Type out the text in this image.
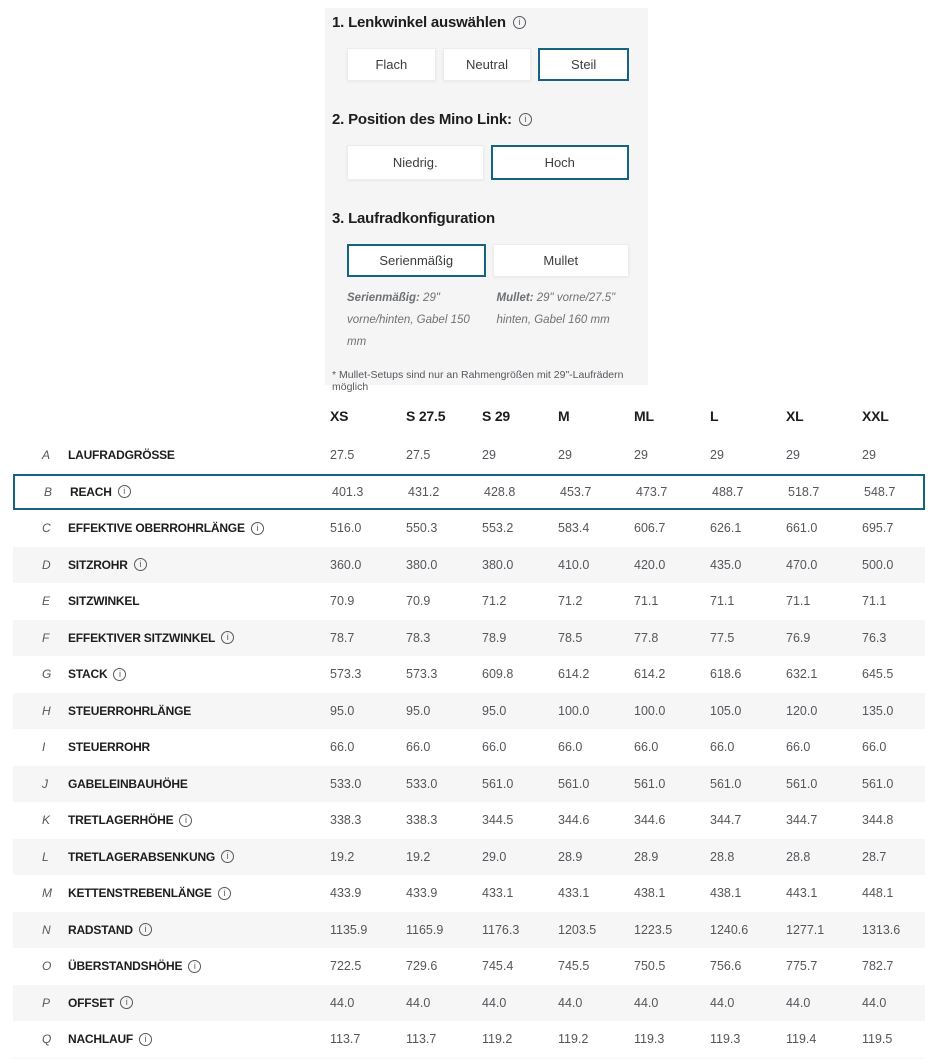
1. Lenkwinkel auswählen	i
Flach	Neutral	Steil
2. Position des Mino Link:	i
Niedrig.	Hoch
3. Laufradkonfiguration
Serienmäßig	Mullet
Serienmäßig: 29" vorne/hinten, Gabel 150 mm
Mullet: 29" vorne/27.5" hinten, Gabel 160 mm
* Mullet-Setups sind nur an Rahmengrößen mit 29"-Laufrädern möglich
XS	S 27.5	S 29	M	ML	L	XL	XXL
A	LAUFRADGRÖSSE	27.5	27.5	29	29	29	29	29	29
B	REACH	i	401.3	431.2	428.8	453.7	473.7	488.7	518.7	548.7
C	EFFEKTIVE OBERROHRLÄNGE	i	516.0	550.3	553.2	583.4	606.7	626.1	661.0	695.7
D	SITZROHR	i	360.0	380.0	380.0	410.0	420.0	435.0	470.0	500.0
E	SITZWINKEL	70.9	70.9	71.2	71.2	71.1	71.1	71.1	71.1
F	EFFEKTIVER SITZWINKEL	i	78.7	78.3	78.9	78.5	77.8	77.5	76.9	76.3
G	STACK	i	573.3	573.3	609.8	614.2	614.2	618.6	632.1	645.5
H	STEUERROHRLÄNGE	95.0	95.0	95.0	100.0	100.0	105.0	120.0	135.0
I	STEUERROHR	66.0	66.0	66.0	66.0	66.0	66.0	66.0	66.0
J	GABELEINBAUHÖHE	533.0	533.0	561.0	561.0	561.0	561.0	561.0	561.0
K	TRETLAGERHÖHE	i	338.3	338.3	344.5	344.6	344.6	344.7	344.7	344.8
L	TRETLAGERABSENKUNG	i	19.2	19.2	29.0	28.9	28.9	28.8	28.8	28.7
M	KETTENSTREBENLÄNGE	i	433.9	433.9	433.1	433.1	438.1	438.1	443.1	448.1
N	RADSTAND	i	1135.9	1165.9	1176.3	1203.5	1223.5	1240.6	1277.1	1313.6
O	ÜBERSTANDSHÖHE	i	722.5	729.6	745.4	745.5	750.5	756.6	775.7	782.7
P	OFFSET	i	44.0	44.0	44.0	44.0	44.0	44.0	44.0	44.0
Q	NACHLAUF	i	113.7	113.7	119.2	119.2	119.3	119.3	119.4	119.5
